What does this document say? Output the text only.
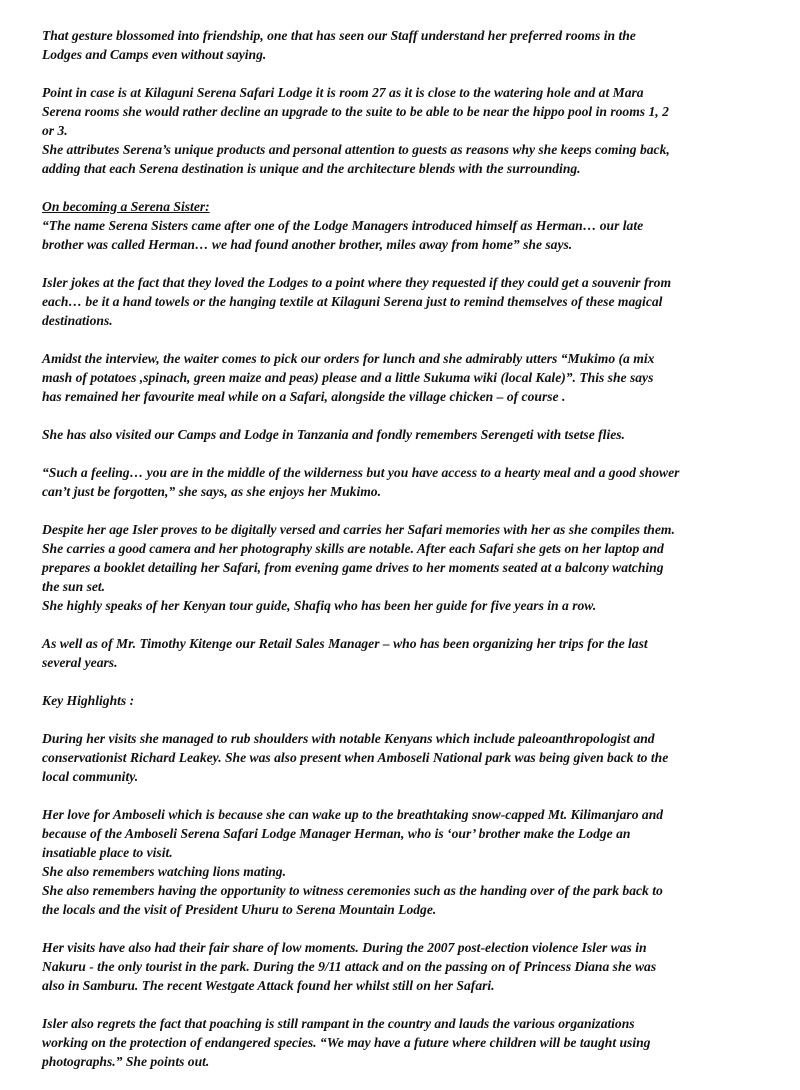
That gesture blossomed into friendship, one that has seen our Staff understand her preferred rooms in the
Lodges and Camps even without saying.
Point in case is at Kilaguni Serena Safari Lodge it is room 27 as it is close to the watering hole and at Mara
Serena rooms she would rather decline an upgrade to the suite to be able to be near the hippo pool in rooms 1, 2
or 3.
She attributes Serena’s unique products and personal attention to guests as reasons why she keeps coming back,
adding that each Serena destination is unique and the architecture blends with the surrounding.
On becoming a Serena Sister:
“The name Serena Sisters came after one of the Lodge Managers introduced himself as Herman… our late
brother was called Herman… we had found another brother, miles away from home” she says.
Isler jokes at the fact that they loved the Lodges to a point where they requested if they could get a souvenir from
each… be it a hand towels or the hanging textile at Kilaguni Serena just to remind themselves of these magical
destinations.
Amidst the interview, the waiter comes to pick our orders for lunch and she admirably utters “Mukimo (a mix
mash of potatoes ,spinach, green maize and peas) please and a little Sukuma wiki (local Kale)”. This she says
has remained her favourite meal while on a Safari, alongside the village chicken – of course .
She has also visited our Camps and Lodge in Tanzania and fondly remembers Serengeti with tsetse flies.
“Such a feeling… you are in the middle of the wilderness but you have access to a hearty meal and a good shower
can’t just be forgotten,” she says, as she enjoys her Mukimo.
Despite her age Isler proves to be digitally versed and carries her Safari memories with her as she compiles them.
She carries a good camera and her photography skills are notable. After each Safari she gets on her laptop and
prepares a booklet detailing her Safari, from evening game drives to her moments seated at a balcony watching
the sun set.
She highly speaks of her Kenyan tour guide, Shafiq who has been her guide for five years in a row.
As well as of Mr. Timothy Kitenge our Retail Sales Manager – who has been organizing her trips for the last
several years.
Key Highlights :
During her visits she managed to rub shoulders with notable Kenyans which include paleoanthropologist and
conservationist Richard Leakey. She was also present when Amboseli National park was being given back to the
local community.
Her love for Amboseli which is because she can wake up to the breathtaking snow-capped Mt. Kilimanjaro and
because of the Amboseli Serena Safari Lodge Manager Herman, who is ‘our’ brother make the Lodge an
insatiable place to visit.
She also remembers watching lions mating.
She also remembers having the opportunity to witness ceremonies such as the handing over of the park back to
the locals and the visit of President Uhuru to Serena Mountain Lodge.
Her visits have also had their fair share of low moments. During the 2007 post-election violence Isler was in
Nakuru - the only tourist in the park. During the 9/11 attack and on the passing on of Princess Diana she was
also in Samburu. The recent Westgate Attack found her whilst still on her Safari.
Isler also regrets the fact that poaching is still rampant in the country and lauds the various organizations
working on the protection of endangered species. “We may have a future where children will be taught using
photographs.” She points out.
